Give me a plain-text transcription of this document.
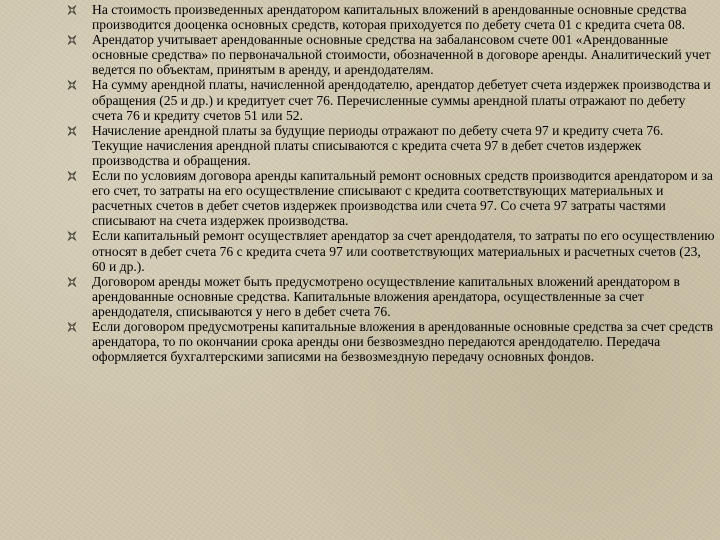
На стоимость произведенных арендатором капитальных вложений в арендованные основные средства производится дооценка основных средств, которая приходуется по дебету счета 01 с кредита счета 08.
Арендатор учитывает арендованные основные средства на забалансовом счете 001 «Арендованные основные средства» по первоначальной стоимости, обозначенной в договоре аренды. Аналитический учет ведется по объектам, принятым в аренду, и арендодателям.
На сумму арендной платы, начисленной арендодателю, арендатор дебетует счета издержек производства и обращения (25 и др.) и кредитует счет 76. Перечисленные суммы арендной платы отражают по дебету счета 76 и кредиту счетов 51 или 52.
Начисление арендной платы за будущие периоды отражают по дебету счета 97 и кредиту счета 76. Текущие начисления арендной платы списываются с кредита счета 97 в дебет счетов издержек производства и обращения.
Если по условиям договора аренды капитальный ремонт основных средств производится арендатором и за его счет, то затраты на его осуществление списывают с кредита соответствующих материальных и расчетных счетов в дебет счетов издержек производства или счета 97. Со счета 97 затраты частями списывают на счета издержек производства.
Если капитальный ремонт осуществляет арендатор за счет арендодателя, то затраты по его осуществлению относят в дебет счета 76 с кредита счета 97 или соответствующих материальных и расчетных счетов (23, 60 и др.).
Договором аренды может быть предусмотрено осуществление капитальных вложений арендатором в арендованные основные средства. Капитальные вложения арендатора, осуществленные за счет арендодателя, списываются у него в дебет счета 76.
Если договором предусмотрены капитальные вложения в арендованные основные средства за счет средств арендатора, то по окончании срока аренды они безвозмездно передаются арендодателю. Передача оформляется бухгалтерскими записями на безвозмездную передачу основных фондов.
